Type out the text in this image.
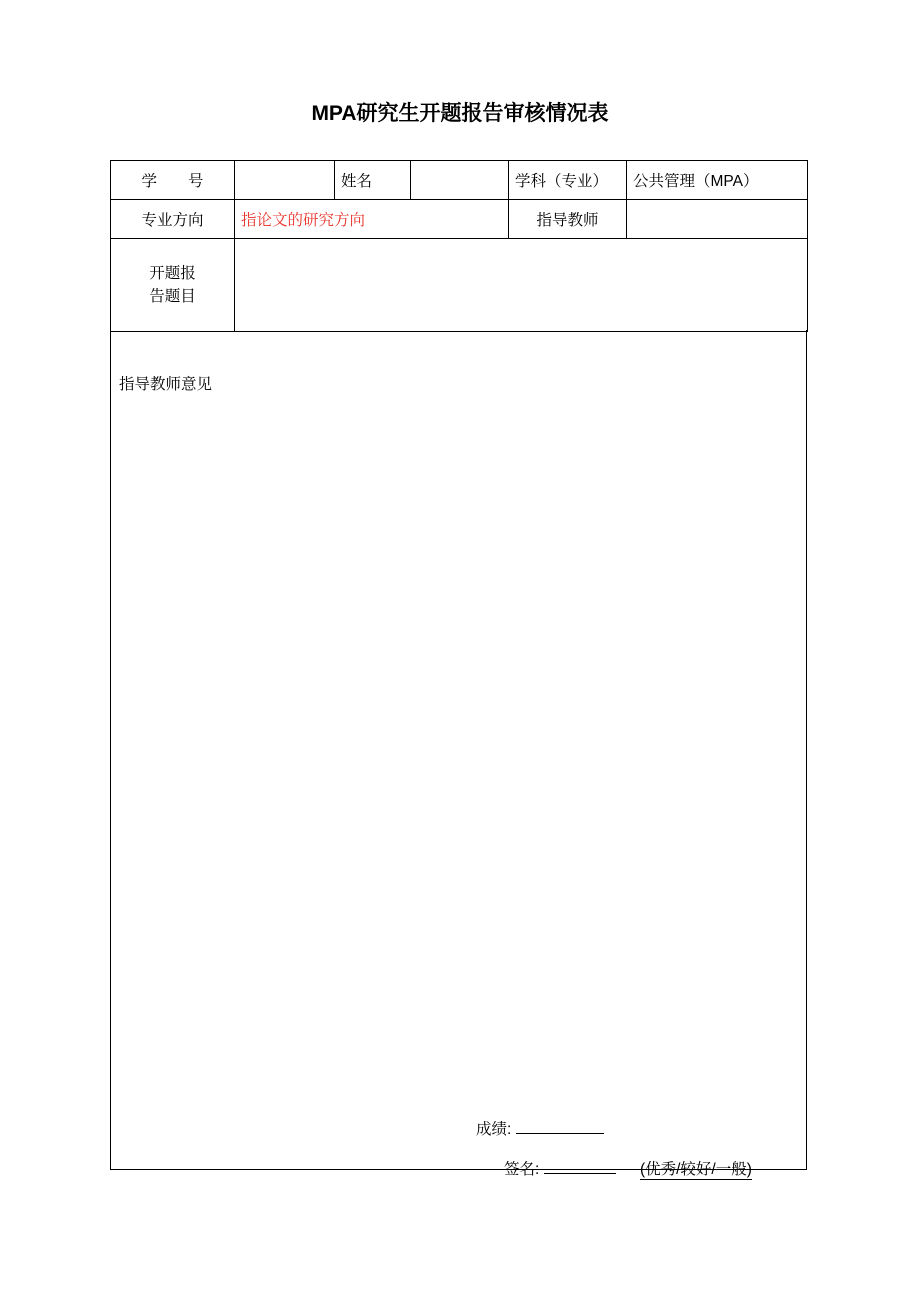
MPA研究生开题报告审核情况表
学　　号		姓名		学科（专业）	公共管理（MPA）
专业方向	指论文的研究方向			指导教师	

开题报
告题目					

指导教师意见
成绩:
签名:	(优秀/较好/一般)
